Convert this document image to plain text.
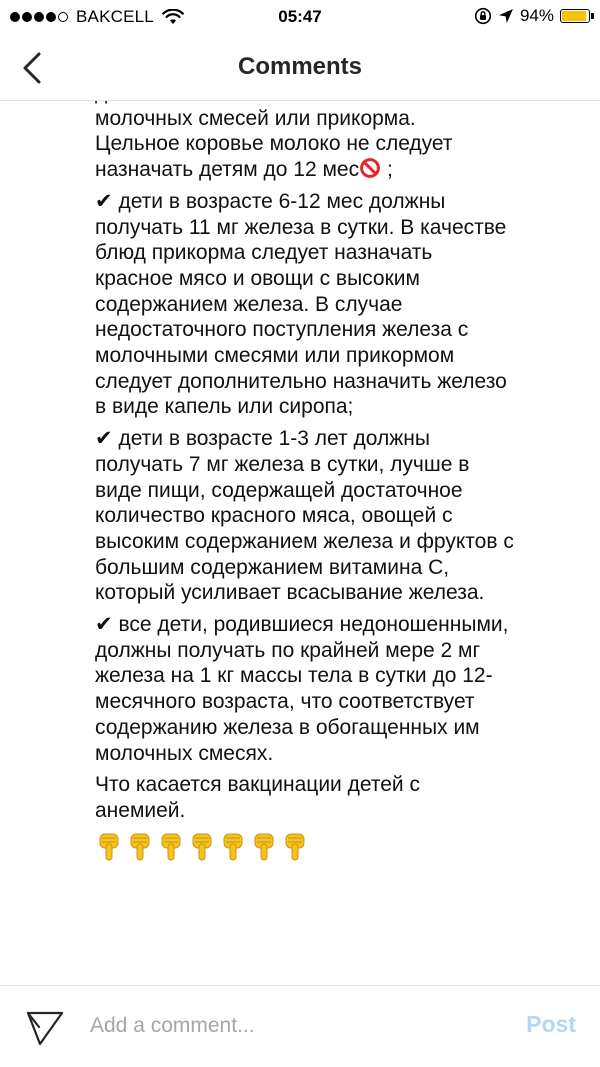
BAKCELL	05:47	94%
Comments

молочных смесей или прикорма.
Цельное коровье молоко не следует
назначать детям до 12 мес ;

✔ дети в возрасте 6-12 мес должны получать 11 мг железа в сутки. В качестве блюд прикорма следует назначать красное мясо и овощи с высоким содержанием железа. В случае недостаточного поступления железа с молочными смесями или прикормом следует дополнительно назначить железо в виде капель или сиропа;

✔ дети в возрасте 1-3 лет должны получать 7 мг железа в сутки, лучше в виде пищи, содержащей достаточное количество красного мяса, овощей с высоким содержанием железа и фруктов с большим содержанием витамина С, который усиливает всасывание железа.

✔ все дети, родившиеся недоношенными, должны получать по крайней мере 2 мг железа на 1 кг массы тела в сутки до 12-месячного возраста, что соответствует содержанию железа в обогащенных им молочных смесях.

Что касается вакцинации детей с анемией.

Add a comment...
Post
